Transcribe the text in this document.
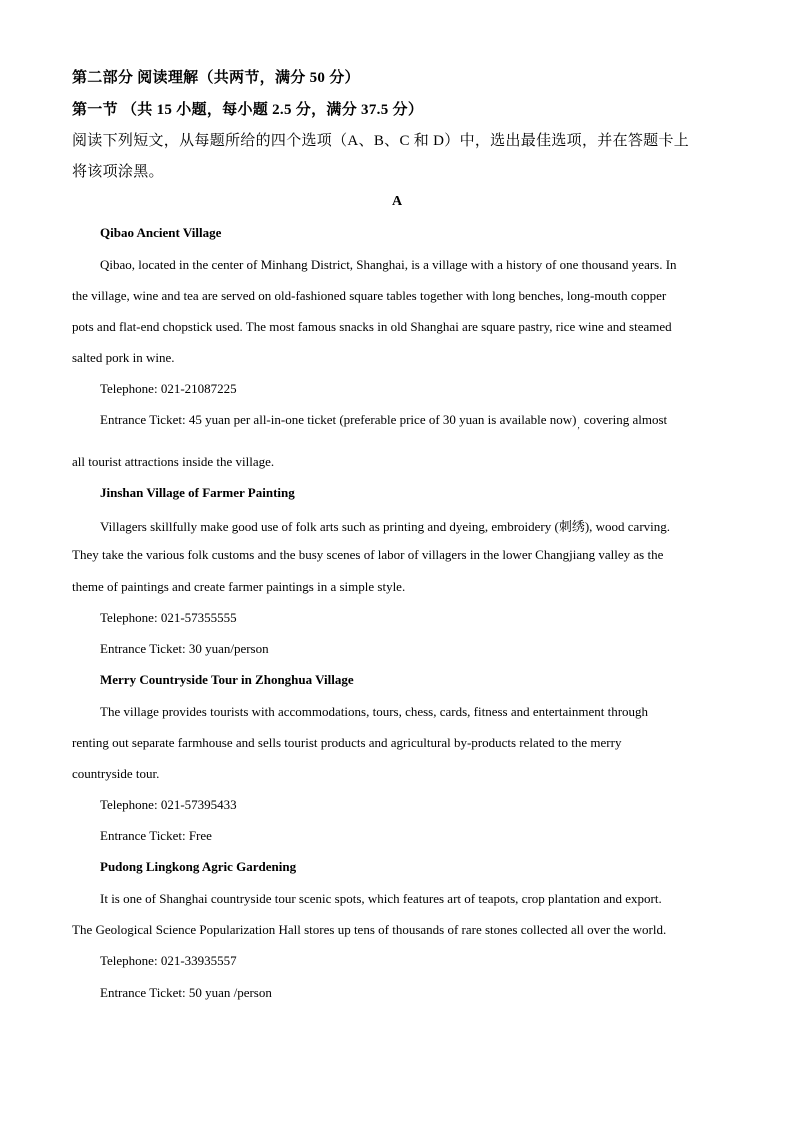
第二部分 阅读理解（共两节，满分 50 分）
第一节 （共 15 小题，每小题 2.5 分，满分 37.5 分）
阅读下列短文，从每题所给的四个选项（A、B、C 和 D）中，选出最佳选项，并在答题卡上
将该项涂黑。
A
Qibao Ancient Village
Qibao, located in the center of Minhang District, Shanghai, is a village with a history of one thousand years. In
the village, wine and tea are served on old-fashioned square tables together with long benches, long-mouth copper
pots and flat-end chopstick used. The most famous snacks in old Shanghai are square pastry, rice wine and steamed
salted pork in wine.
Telephone: 021-21087225
Entrance Ticket: 45 yuan per all-in-one ticket (preferable price of 30 yuan is available $now)_,$ covering almost
all tourist attractions inside the village.
Jinshan Village of Farmer Painting
Villagers skillfully make good use of folk arts such as printing and dyeing, embroidery (刺绣), wood carving.
They take the various folk customs and the busy scenes of labor of villagers in the lower Changjiang valley as the
theme of paintings and create farmer paintings in a simple style.
Telephone: 021-57355555
Entrance Ticket: 30 yuan/person
Merry Countryside Tour in Zhonghua Village
The village provides tourists with accommodations, tours, chess, cards, fitness and entertainment through
renting out separate farmhouse and sells tourist products and agricultural by-products related to the merry
countryside tour.
Telephone: 021-57395433
Entrance Ticket: Free
Pudong Lingkong Agric Gardening
It is one of Shanghai countryside tour scenic spots, which features art of teapots, crop plantation and export.
The Geological Science Popularization Hall stores up tens of thousands of rare stones collected all over the world.
Telephone: 021-33935557
Entrance Ticket: 50 yuan /person
